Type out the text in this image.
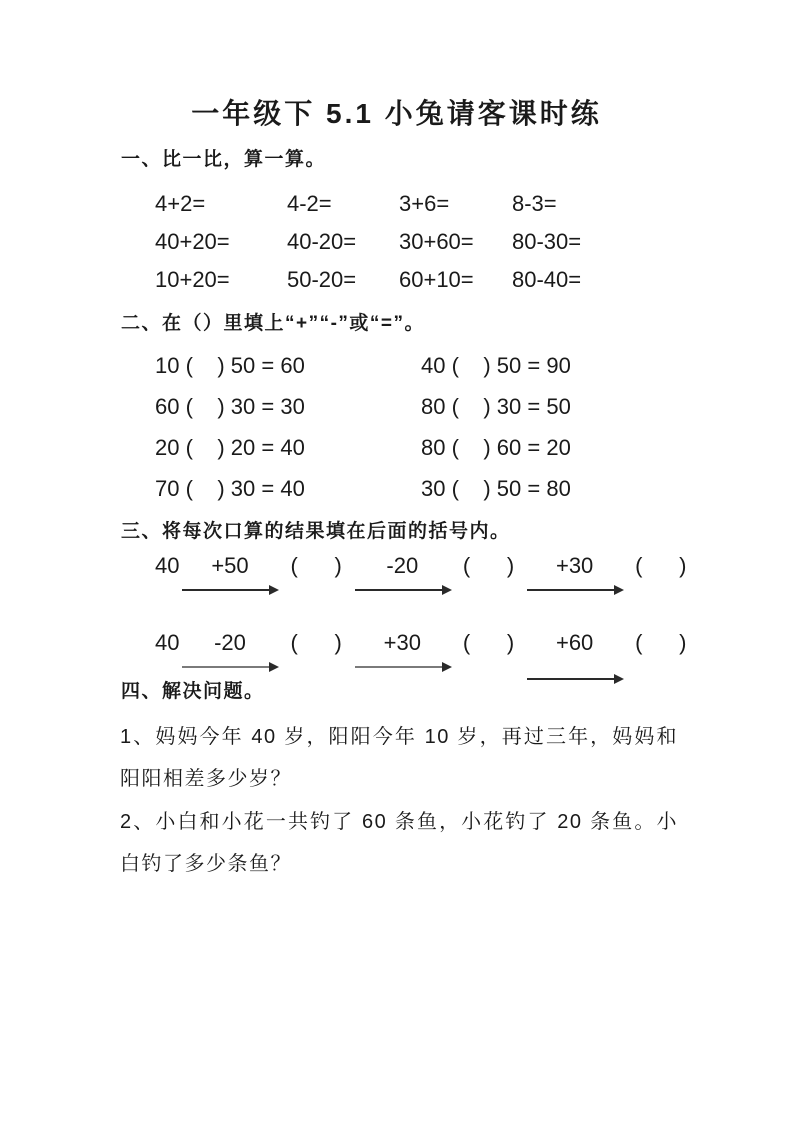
一年级下 5.1 小兔请客课时练
一、比一比，算一算。
4+2=	4-2=	3+6=	8-3=
40+20=	40-20=	30+60=	80-30=
10+20=	50-20=	60+10=	80-40=
二、在（）里填上“+”“-”或“=”。
10 (    ) 50 = 60	40 (    ) 50 = 90
60 (    ) 30 = 30	80 (    ) 30 = 50
20 (    ) 20 = 40	80 (    ) 60 = 20
70 (    ) 30 = 40	30 (    ) 50 = 80
三、将每次口算的结果填在后面的括号内。
40 +50 (      ) -20 (      ) +30 (      )
40 -20 (      ) +30 (      ) +60 (      )
四、解决问题。

1、妈妈今年 40 岁，阳阳今年 10 岁，再过三年，妈妈和阳阳相差多少岁？

2、小白和小花一共钓了 60 条鱼，小花钓了 20 条鱼。小白钓了多少条鱼？
